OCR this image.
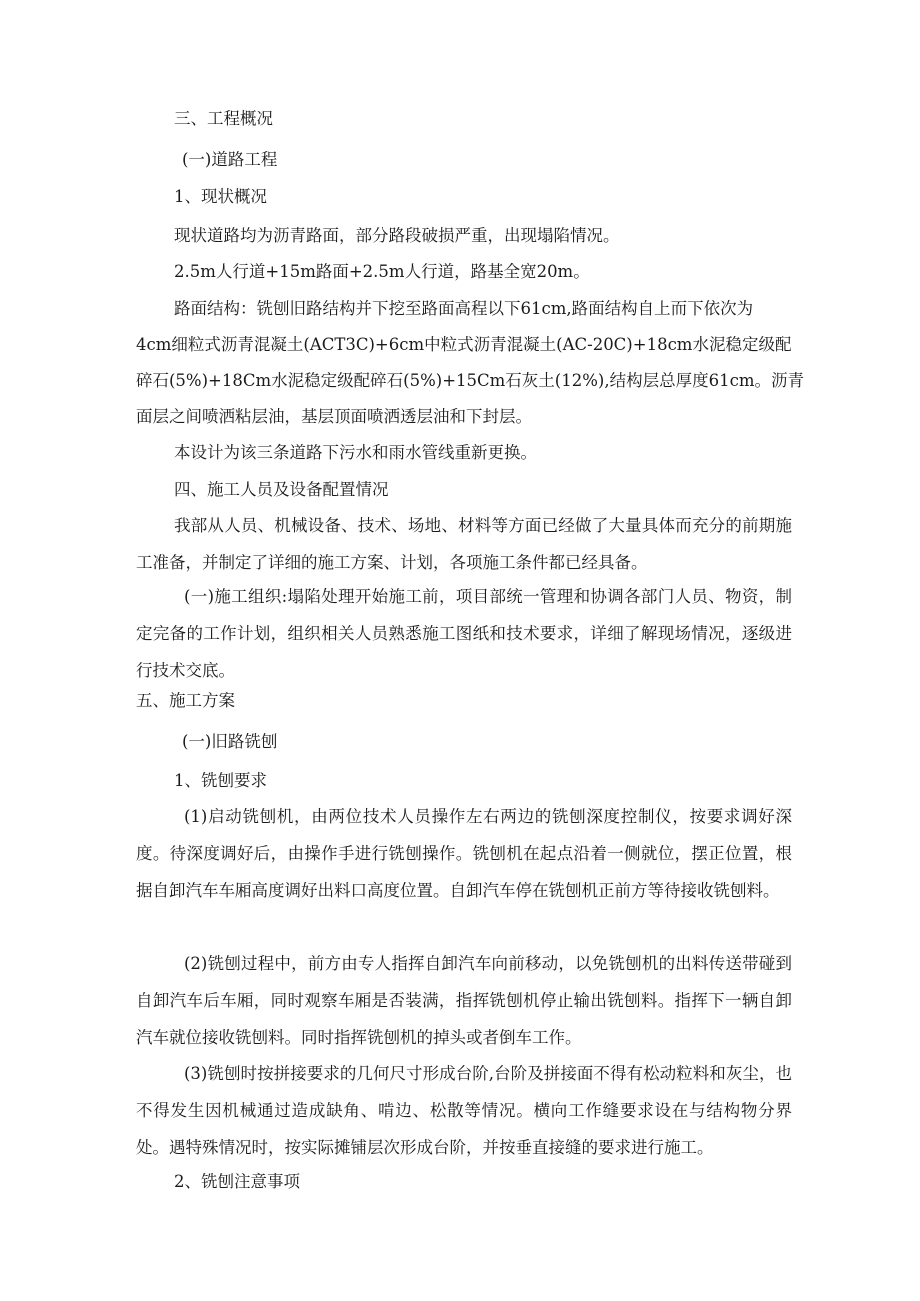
三、工程概况
(一)道路工程
1、现状概况
现状道路均为沥青路面，部分路段破损严重，出现塌陷情况。
2.5m人行道+15m路面+2.5m人行道，路基全宽20m。
路面结构：铣刨旧路结构并下挖至路面高程以下61cm,路面结构自上而下依次为
4cm细粒式沥青混凝土(ACT3C)+6cm中粒式沥青混凝土(AC-20C)+18cm水泥稳定级配
碎石(5%)+18Cm水泥稳定级配碎石(5%)+15Cm石灰土(12%),结构层总厚度61cm。沥青
面层之间喷洒粘层油，基层顶面喷洒透层油和下封层。
本设计为该三条道路下污水和雨水管线重新更换。
四、施工人员及设备配置情况
我部从人员、机械设备、技术、场地、材料等方面已经做了大量具体而充分的前期施工准备，并制定了详细的施工方案、计划，各项施工条件都已经具备。
(一)施工组织:塌陷处理开始施工前，项目部统一管理和协调各部门人员、物资，制定完备的工作计划，组织相关人员熟悉施工图纸和技术要求，详细了解现场情况，逐级进行技术交底。
五、施工方案
(一)旧路铣刨
1、铣刨要求
(1)启动铣刨机，由两位技术人员操作左右两边的铣刨深度控制仪，按要求调好深度。待深度调好后，由操作手进行铣刨操作。铣刨机在起点沿着一侧就位，摆正位置，根据自卸汽车车厢高度调好出料口高度位置。自卸汽车停在铣刨机正前方等待接收铣刨料。
(2)铣刨过程中，前方由专人指挥自卸汽车向前移动，以免铣刨机的出料传送带碰到自卸汽车后车厢，同时观察车厢是否装满，指挥铣刨机停止输出铣刨料。指挥下一辆自卸汽车就位接收铣刨料。同时指挥铣刨机的掉头或者倒车工作。
(3)铣刨时按拼接要求的几何尺寸形成台阶,台阶及拼接面不得有松动粒料和灰尘，也不得发生因机械通过造成缺角、啃边、松散等情况。横向工作缝要求设在与结构物分界处。遇特殊情况时，按实际摊铺层次形成台阶，并按垂直接缝的要求进行施工。
2、铣刨注意事项
